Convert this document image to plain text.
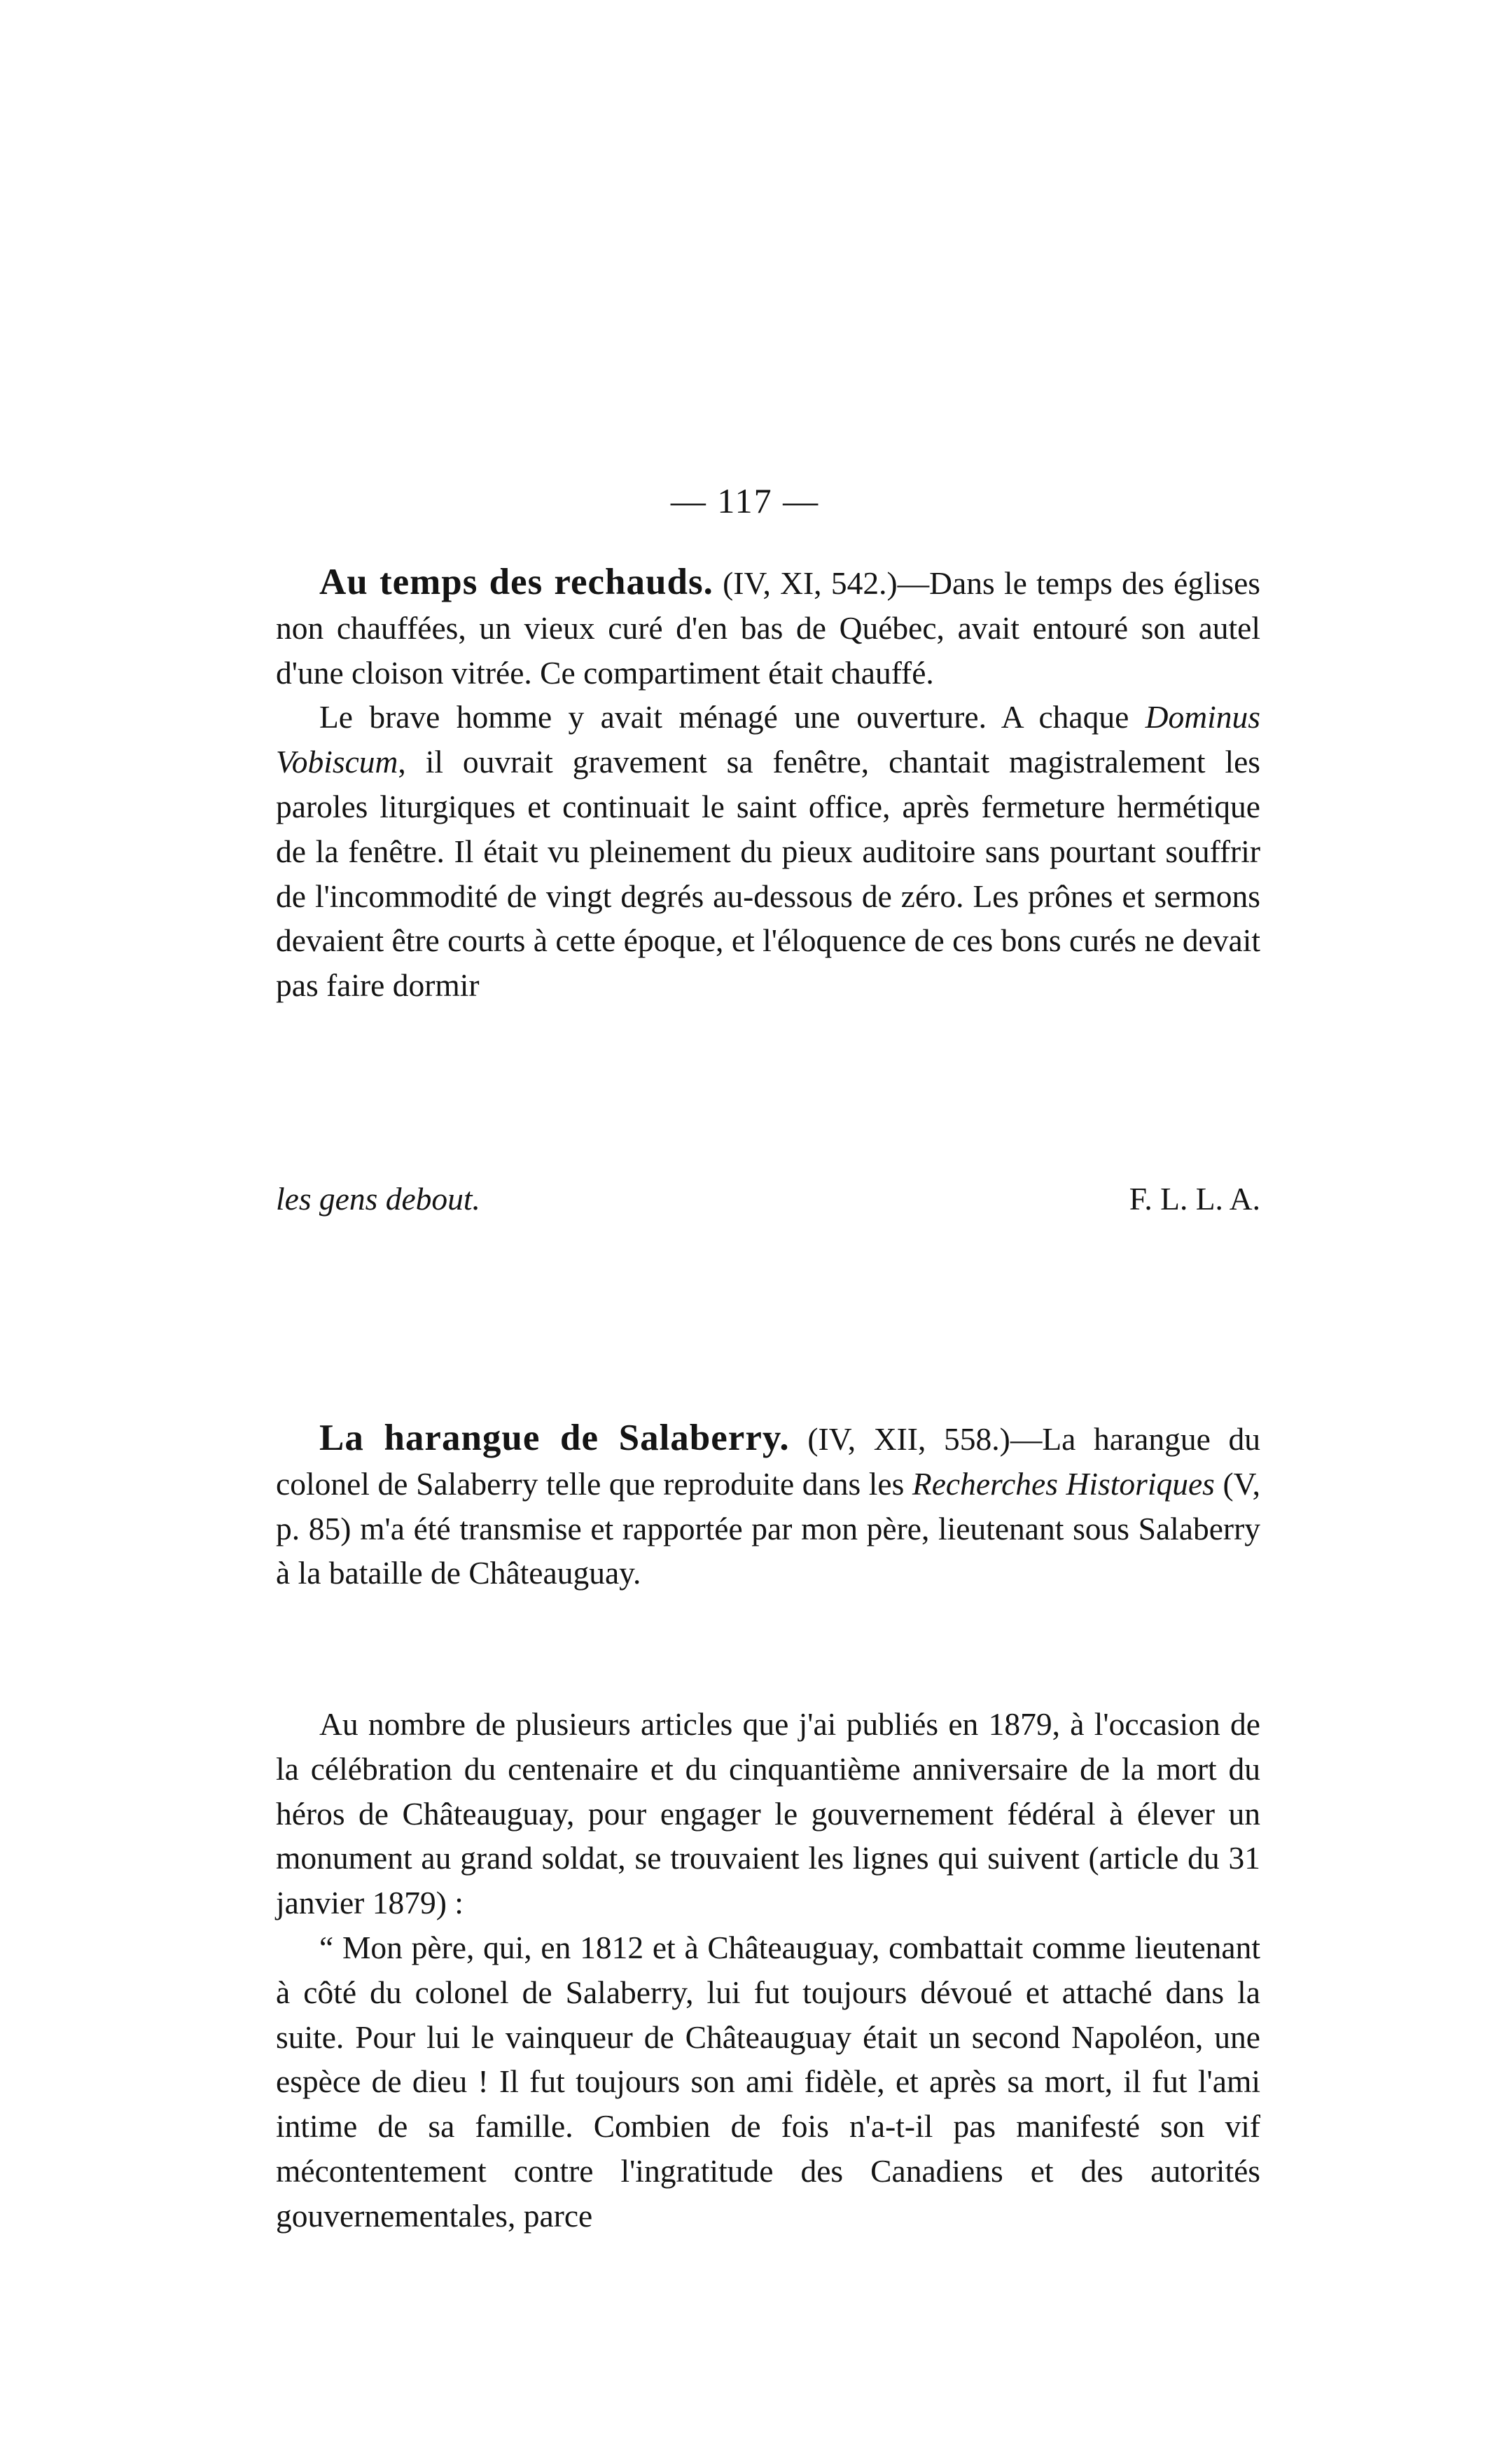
— 117 —

Au temps des rechauds. (IV, XI, 542.)—Dans le temps des églises non chauffées, un vieux curé d'en bas de Québec, avait entouré son autel d'une cloison vitrée. Ce compartiment était chauffé.

Le brave homme y avait ménagé une ouverture. A chaque Dominus Vobiscum, il ouvrait gravement sa fenêtre, chantait magistralement les paroles liturgiques et continuait le saint office, après fermeture hermétique de la fenêtre. Il était vu pleinement du pieux auditoire sans pourtant souffrir de l'incommodité de vingt degrés au-dessous de zéro. Les prônes et sermons devaient être courts à cette époque, et l'éloquence de ces bons curés ne devait pas faire dormir

les gens debout.	F. L. L. A.

La harangue de Salaberry. (IV, XII, 558.)—La harangue du colonel de Salaberry telle que reproduite dans les Recherches Historiques (V, p. 85) m'a été transmise et rapportée par mon père, lieutenant sous Salaberry à la bataille de Châteauguay.

Au nombre de plusieurs articles que j'ai publiés en 1879, à l'occasion de la célébration du centenaire et du cinquantième anniversaire de la mort du héros de Châteauguay, pour engager le gouvernement fédéral à élever un monument au grand soldat, se trouvaient les lignes qui suivent (article du 31 janvier 1879) :

“ Mon père, qui, en 1812 et à Châteauguay, combattait comme lieutenant à côté du colonel de Salaberry, lui fut toujours dévoué et attaché dans la suite. Pour lui le vainqueur de Châteauguay était un second Napoléon, une espèce de dieu ! Il fut toujours son ami fidèle, et après sa mort, il fut l'ami intime de sa famille. Combien de fois n'a-t-il pas manifesté son vif mécontentement contre l'ingratitude des Canadiens et des autorités gouvernementales, parce
